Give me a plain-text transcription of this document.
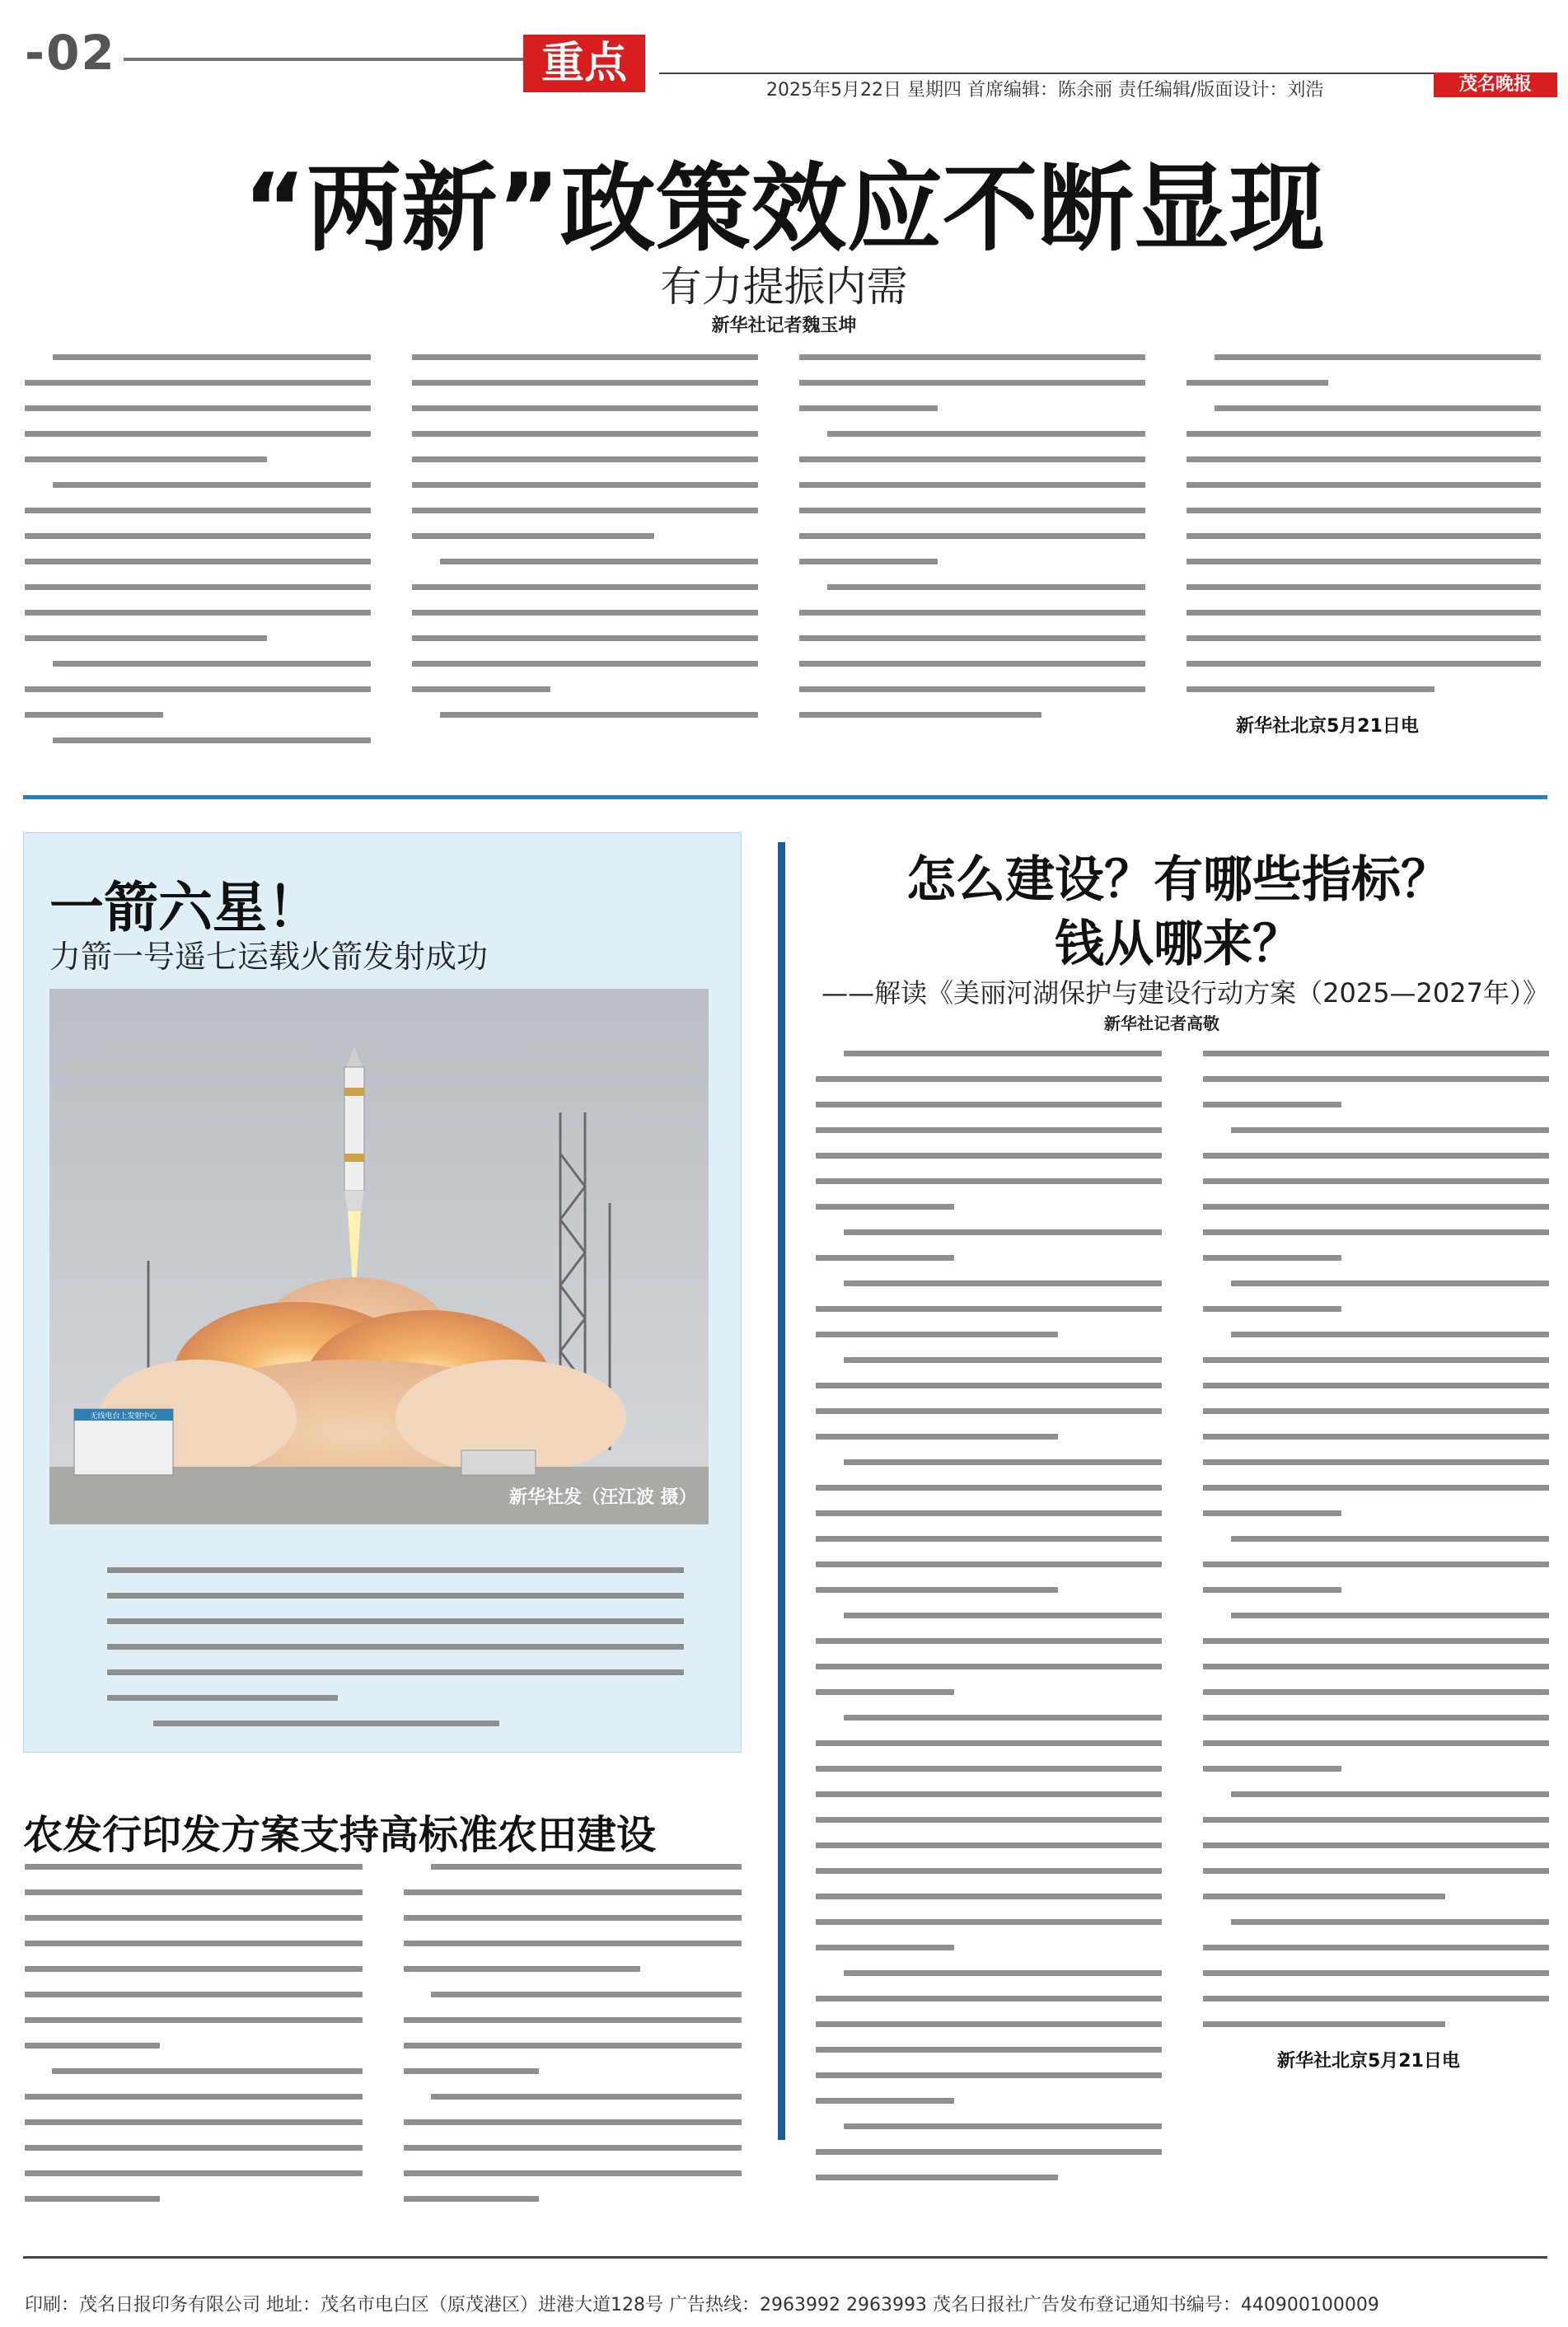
-02	重点
2025年5月22日 星期四 首席编辑：陈余丽 责任编辑/版面设计：刘浩	茂名晚报
“两新”政策效应不断显现
有力提振内需
新华社记者魏玉坤
新华社北京5月21日电
一箭六星！
力箭一号遥七运载火箭发射成功
无线电台上发射中心
新华社发（汪江波 摄）
农发行印发方案支持高标准农田建设
怎么建设？有哪些指标？
钱从哪来？
——解读《美丽河湖保护与建设行动方案（2025—2027年）》
新华社记者高敬
新华社北京5月21日电
印刷：茂名日报印务有限公司 地址：茂名市电白区（原茂港区）进港大道128号 广告热线：2963992 2963993 茂名日报社广告发布登记通知书编号：440900100009
